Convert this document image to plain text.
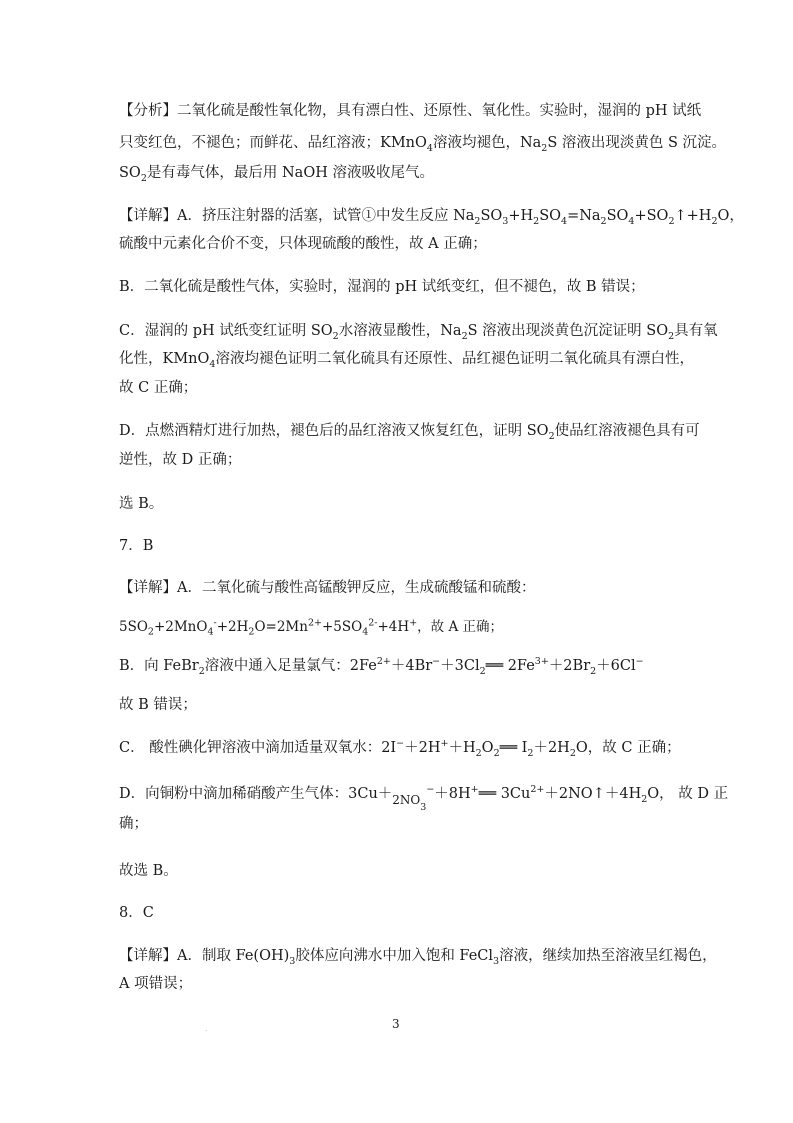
【分析】二氧化硫是酸性氧化物，具有漂白性、还原性、氧化性。实验时，湿润的 pH 试纸
只变红色，不褪色；而鲜花、品红溶液；KMnO$_4$溶液均褪色，$Na_2S$ 溶液出现淡黄色 S 沉淀。
$SO_2$是有毒气体，最后用 NaOH 溶液吸收尾气。
【详解】A．挤压注射器的活塞，试管①中发生反应 $Na_2SO_3+H_2SO_4=Na_2SO_4+SO_2↑+H_2O$，
硫酸中元素化合价不变，只体现硫酸的酸性，故 A 正确；
B．二氧化硫是酸性气体，实验时，湿润的 pH 试纸变红，但不褪色，故 B 错误；
C．湿润的 pH 试纸变红证明 $SO_2$水溶液显酸性，$Na_2S$ 溶液出现淡黄色沉淀证明 $SO_2$具有氧
化性，KMnO$_4$溶液均褪色证明二氧化硫具有还原性、品红褪色证明二氧化硫具有漂白性，
故 C 正确；
D．点燃酒精灯进行加热，褪色后的品红溶液又恢复红色，证明 $SO_2$使品红溶液褪色具有可
逆性，故 D 正确；
选 B。
7．B
【详解】A．二氧化硫与酸性高锰酸钾反应，生成硫酸锰和硫酸：
$5SO_2+2MnO_4^-+2H_2O=2Mn^{2+}+5SO_4^{2-}+4H^+$，故 A 正确；
B．向 FeBr$_2$溶液中通入足量氯气：$2Fe^{2+}+4Br^-+3Cl_2══$ $2Fe^{3+}+2Br_2+6Cl^-$
故 B 错误；
C． 酸性碘化钾溶液中滴加适量双氧水：$2I^-+2H^++H_2O_2══$ $I_2+2H_2O$，故 C 正确；
D．向铜粉中滴加稀硝酸产生气体：$3Cu+_{2NO3}^-+8H^+══$ $3Cu^{2+}+2NO↑+4H_2O$， 故 D 正
确；
故选 B。
8．C
【详解】A．制取 $Fe(OH)_3$胶体应向沸水中加入饱和 FeCl$_3$溶液，继续加热至溶液呈红褐色，
A 项错误；
.	3
